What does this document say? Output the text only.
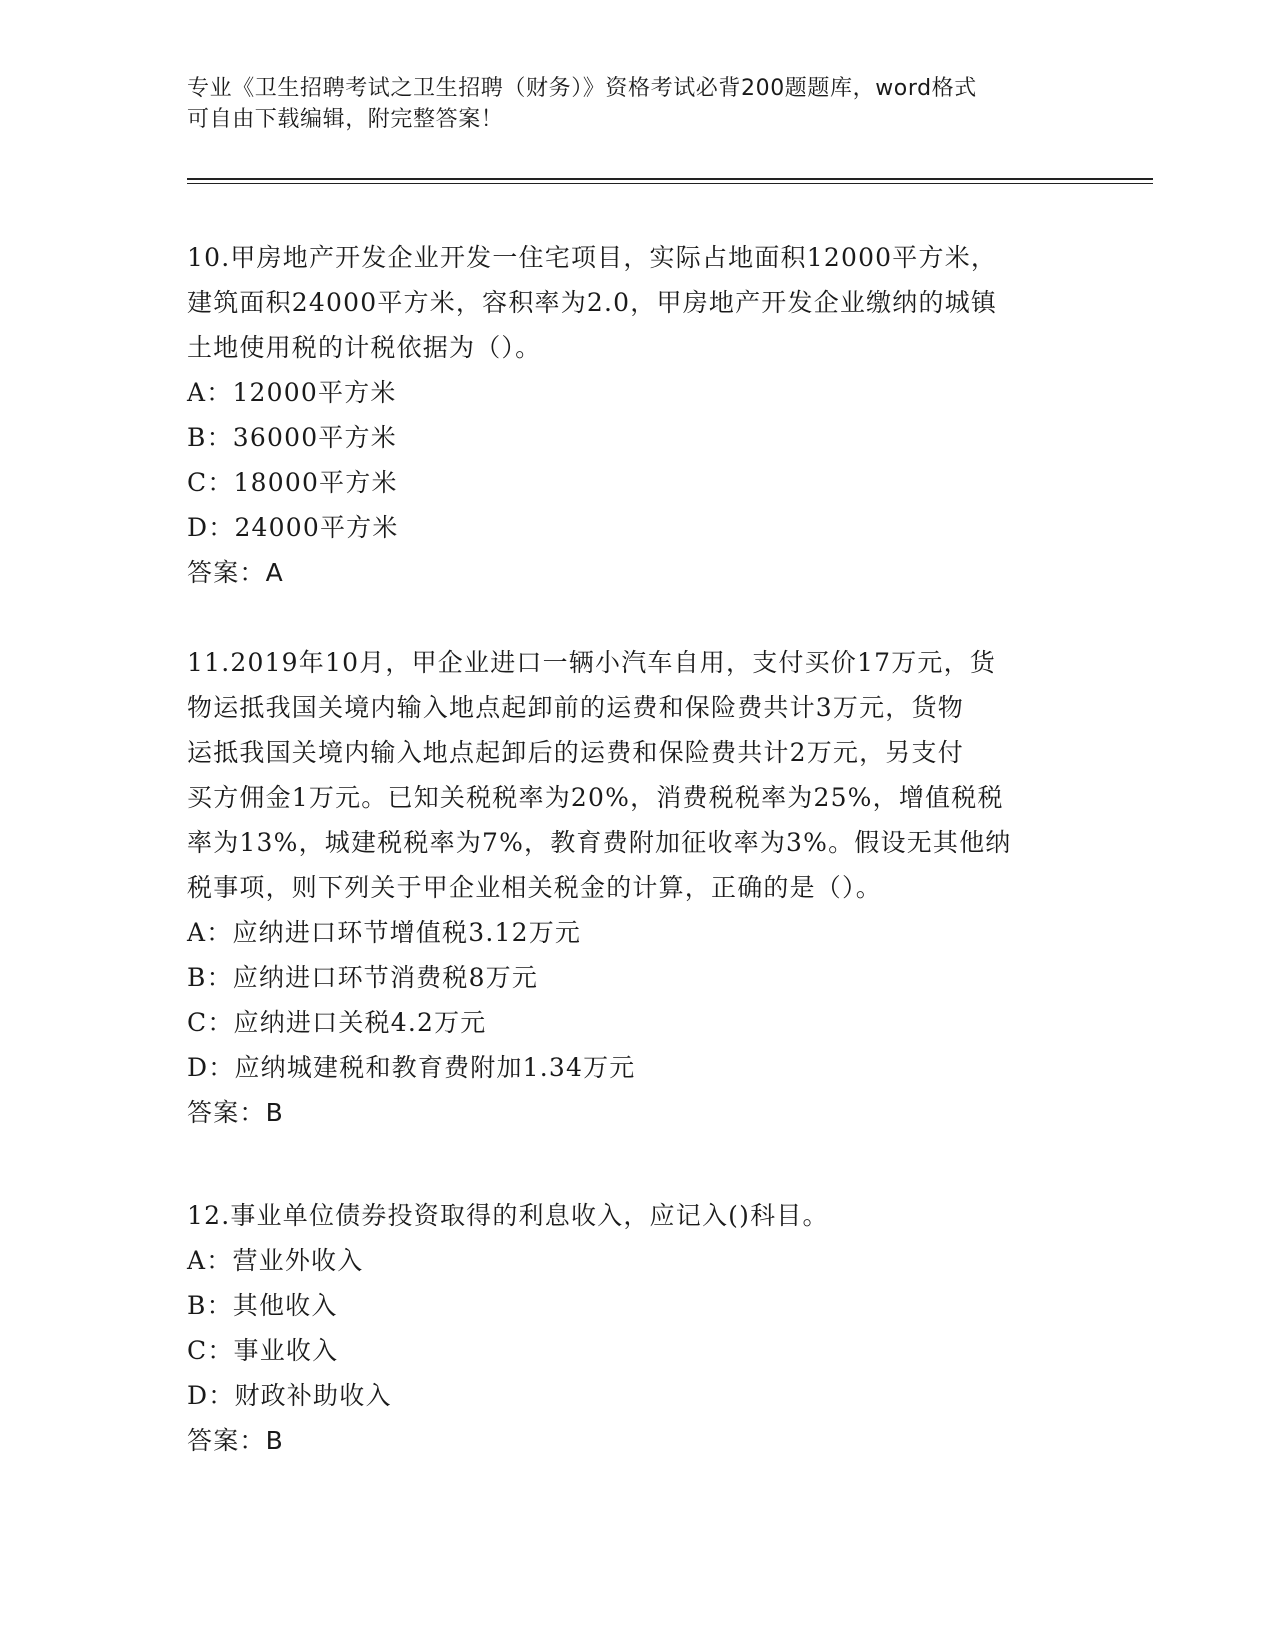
专业《卫生招聘考试之卫生招聘（财务）》资格考试必背200题题库，word格式
可自由下载编辑，附完整答案！
10.甲房地产开发企业开发一住宅项目，实际占地面积12000平方米，
建筑面积24000平方米，容积率为2.0，甲房地产开发企业缴纳的城镇
土地使用税的计税依据为（）。
A：12000平方米
B：36000平方米
C：18000平方米
D：24000平方米
答案：A
11.2019年10月，甲企业进口一辆小汽车自用，支付买价17万元，货
物运抵我国关境内输入地点起卸前的运费和保险费共计3万元，货物
运抵我国关境内输入地点起卸后的运费和保险费共计2万元，另支付
买方佣金1万元。已知关税税率为20%，消费税税率为25%，增值税税
率为13%，城建税税率为7%，教育费附加征收率为3%。假设无其他纳
税事项，则下列关于甲企业相关税金的计算，正确的是（）。
A：应纳进口环节增值税3.12万元
B：应纳进口环节消费税8万元
C：应纳进口关税4.2万元
D：应纳城建税和教育费附加1.34万元
答案：B
12.事业单位债券投资取得的利息收入，应记入()科目。
A：营业外收入
B：其他收入
C：事业收入
D：财政补助收入
答案：B
